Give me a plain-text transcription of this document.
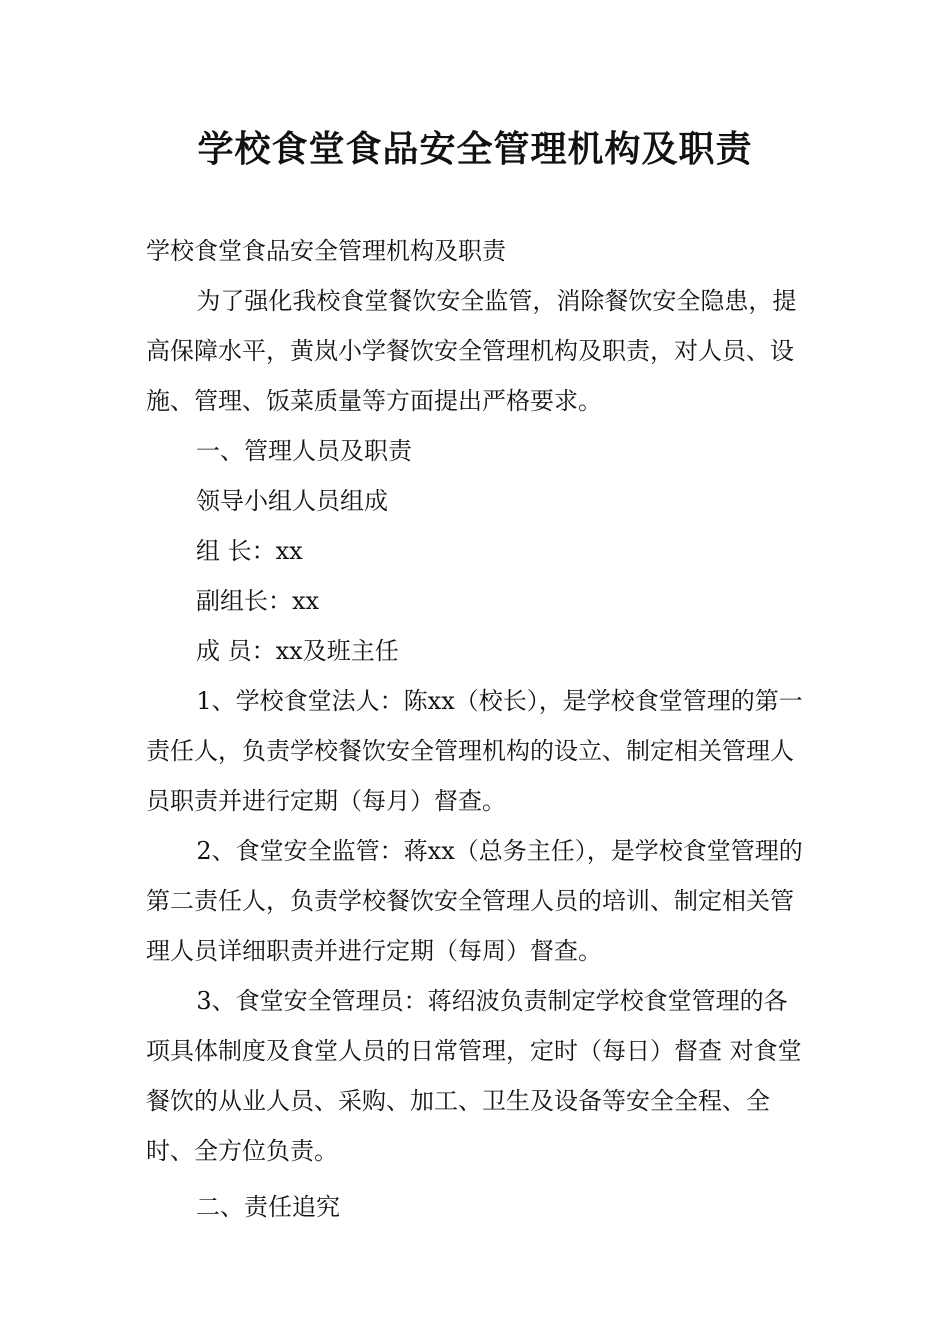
学校食堂食品安全管理机构及职责

学校食堂食品安全管理机构及职责

为了强化我校食堂餐饮安全监管，消除餐饮安全隐患，提高保障水平，黄岚小学餐饮安全管理机构及职责，对人员、设施、管理、饭菜质量等方面提出严格要求。

一、管理人员及职责

领导小组人员组成

组 长：xx

副组长：xx

成 员：xx及班主任

1、学校食堂法人：陈xx（校长），是学校食堂管理的第一责任人，负责学校餐饮安全管理机构的设立、制定相关管理人员职责并进行定期（每月）督查。

2、食堂安全监管：蒋xx（总务主任），是学校食堂管理的第二责任人，负责学校餐饮安全管理人员的培训、制定相关管理人员详细职责并进行定期（每周）督查。

3、食堂安全管理员：蒋绍波负责制定学校食堂管理的各项具体制度及食堂人员的日常管理，定时（每日）督查 对食堂餐饮的从业人员、采购、加工、卫生及设备等安全全程、全时、全方位负责。

二、责任追究
